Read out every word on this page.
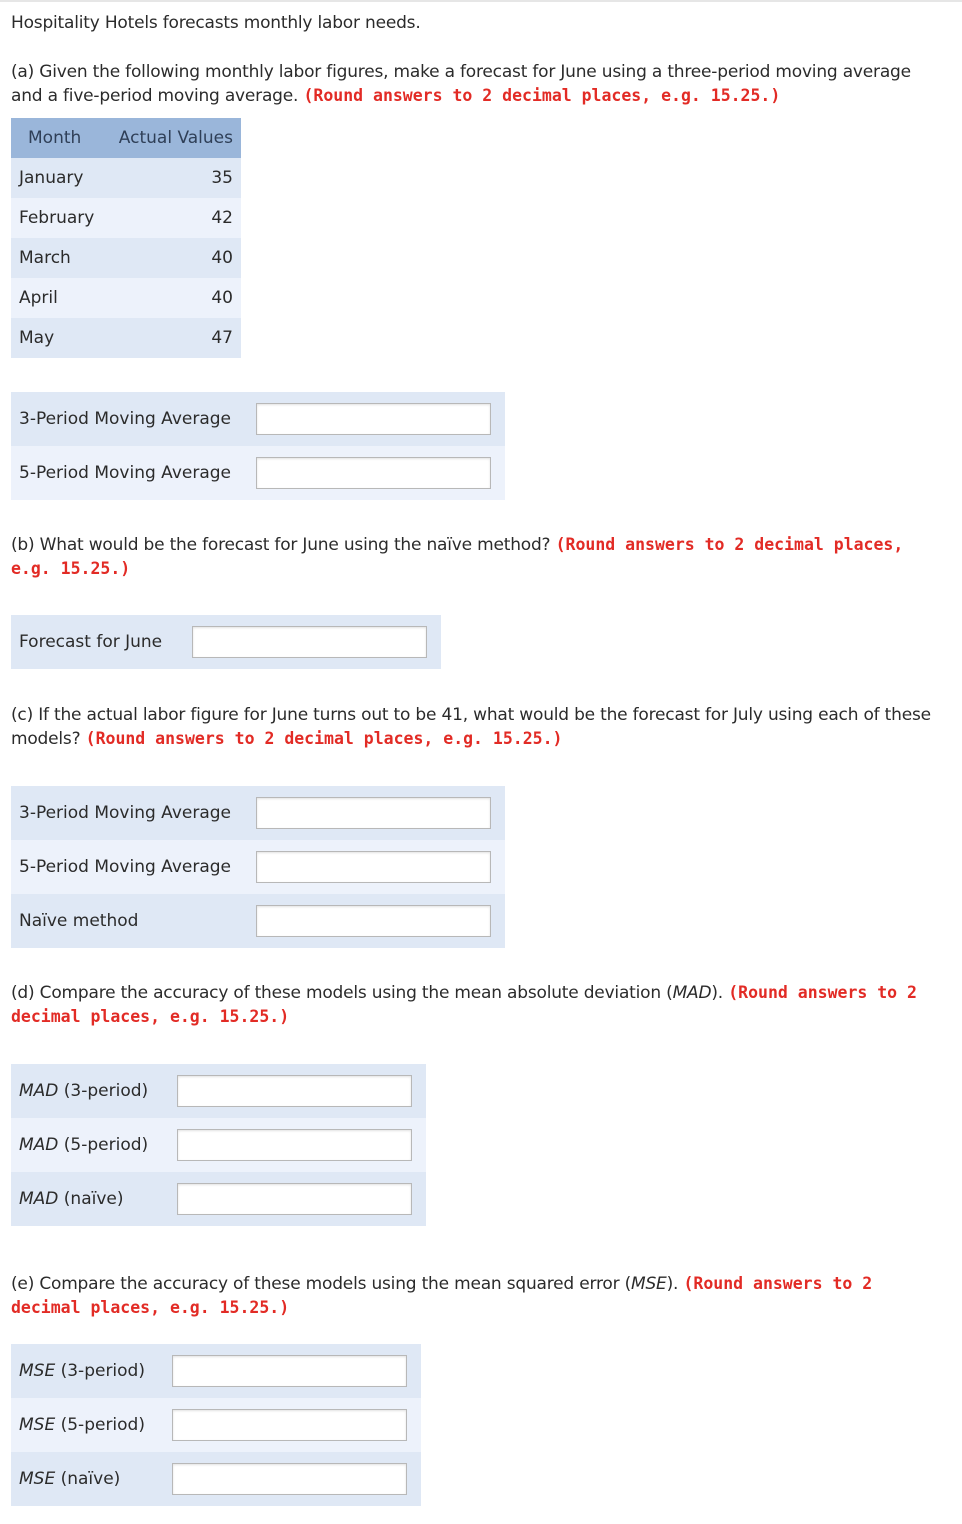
Hospitality Hotels forecasts monthly labor needs.

(a) Given the following monthly labor figures, make a forecast for June using a three-period moving average and a five-period moving average. (Round answers to 2 decimal places, e.g. 15.25.)

Month	Actual Values
January	35
February	42
March	40
April	40
May	47
3-Period Moving Average
5-Period Moving Average

(b) What would be the forecast for June using the naïve method? (Round answers to 2 decimal places, e.g. 15.25.)

Forecast for June

(c) If the actual labor figure for June turns out to be 41, what would be the forecast for July using each of these models? (Round answers to 2 decimal places, e.g. 15.25.)

3-Period Moving Average
5-Period Moving Average
Naïve method

(d) Compare the accuracy of these models using the mean absolute deviation (MAD). (Round answers to 2 decimal places, e.g. 15.25.)

MAD (3-period)
MAD (5-period)
MAD (naïve)

(e) Compare the accuracy of these models using the mean squared error (MSE). (Round answers to 2 decimal places, e.g. 15.25.)

MSE (3-period)
MSE (5-period)
MSE (naïve)
